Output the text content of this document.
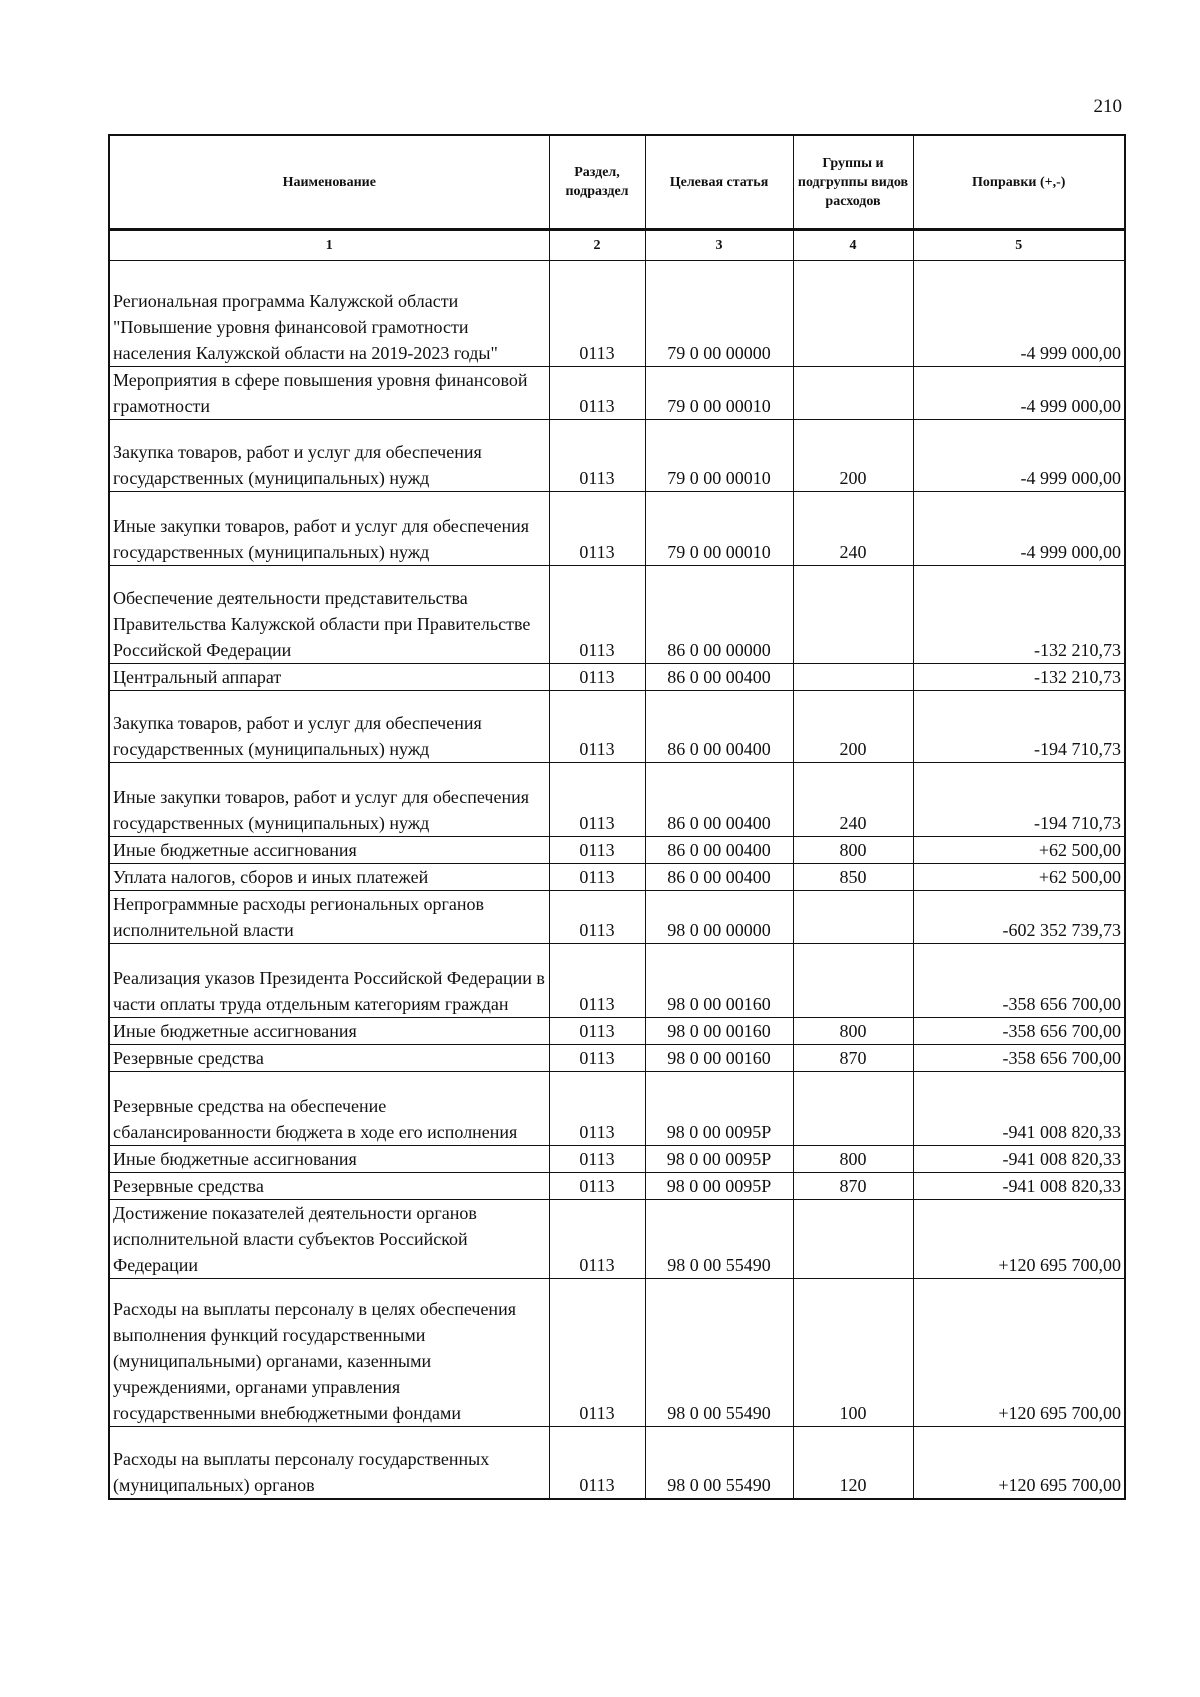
210
Наименование	Раздел, подраздел	Целевая статья	Группы и подгруппы видов расходов	Поправки (+,-)
1	2	3	4	5
Региональная программа Калужской области "Повышение уровня финансовой грамотности населения Калужской области на 2019-2023 годы"	0113	79 0 00 00000		-4 999 000,00
Мероприятия в сфере повышения уровня финансовой грамотности	0113	79 0 00 00010		-4 999 000,00
Закупка товаров, работ и услуг для обеспечения государственных (муниципальных) нужд	0113	79 0 00 00010	200	-4 999 000,00
Иные закупки товаров, работ и услуг для обеспечения государственных (муниципальных) нужд	0113	79 0 00 00010	240	-4 999 000,00
Обеспечение деятельности представительства Правительства Калужской области при Правительстве Российской Федерации	0113	86 0 00 00000		-132 210,73
Центральный аппарат	0113	86 0 00 00400		-132 210,73
Закупка товаров, работ и услуг для обеспечения государственных (муниципальных) нужд	0113	86 0 00 00400	200	-194 710,73
Иные закупки товаров, работ и услуг для обеспечения государственных (муниципальных) нужд	0113	86 0 00 00400	240	-194 710,73
Иные бюджетные ассигнования	0113	86 0 00 00400	800	+62 500,00
Уплата налогов, сборов и иных платежей	0113	86 0 00 00400	850	+62 500,00
Непрограммные расходы региональных органов исполнительной власти	0113	98 0 00 00000		-602 352 739,73
Реализация указов Президента Российской Федерации в части оплаты труда отдельным категориям граждан	0113	98 0 00 00160		-358 656 700,00
Иные бюджетные ассигнования	0113	98 0 00 00160	800	-358 656 700,00
Резервные средства	0113	98 0 00 00160	870	-358 656 700,00
Резервные средства на обеспечение сбалансированности бюджета в ходе его исполнения	0113	98 0 00 0095Р		-941 008 820,33
Иные бюджетные ассигнования	0113	98 0 00 0095Р	800	-941 008 820,33
Резервные средства	0113	98 0 00 0095Р	870	-941 008 820,33
Достижение показателей деятельности органов исполнительной власти субъектов Российской Федерации	0113	98 0 00 55490		+120 695 700,00
Расходы на выплаты персоналу в целях обеспечения выполнения функций государственными (муниципальными) органами, казенными учреждениями, органами управления государственными внебюджетными фондами	0113	98 0 00 55490	100	+120 695 700,00
Расходы на выплаты персоналу государственных (муниципальных) органов	0113	98 0 00 55490	120	+120 695 700,00
